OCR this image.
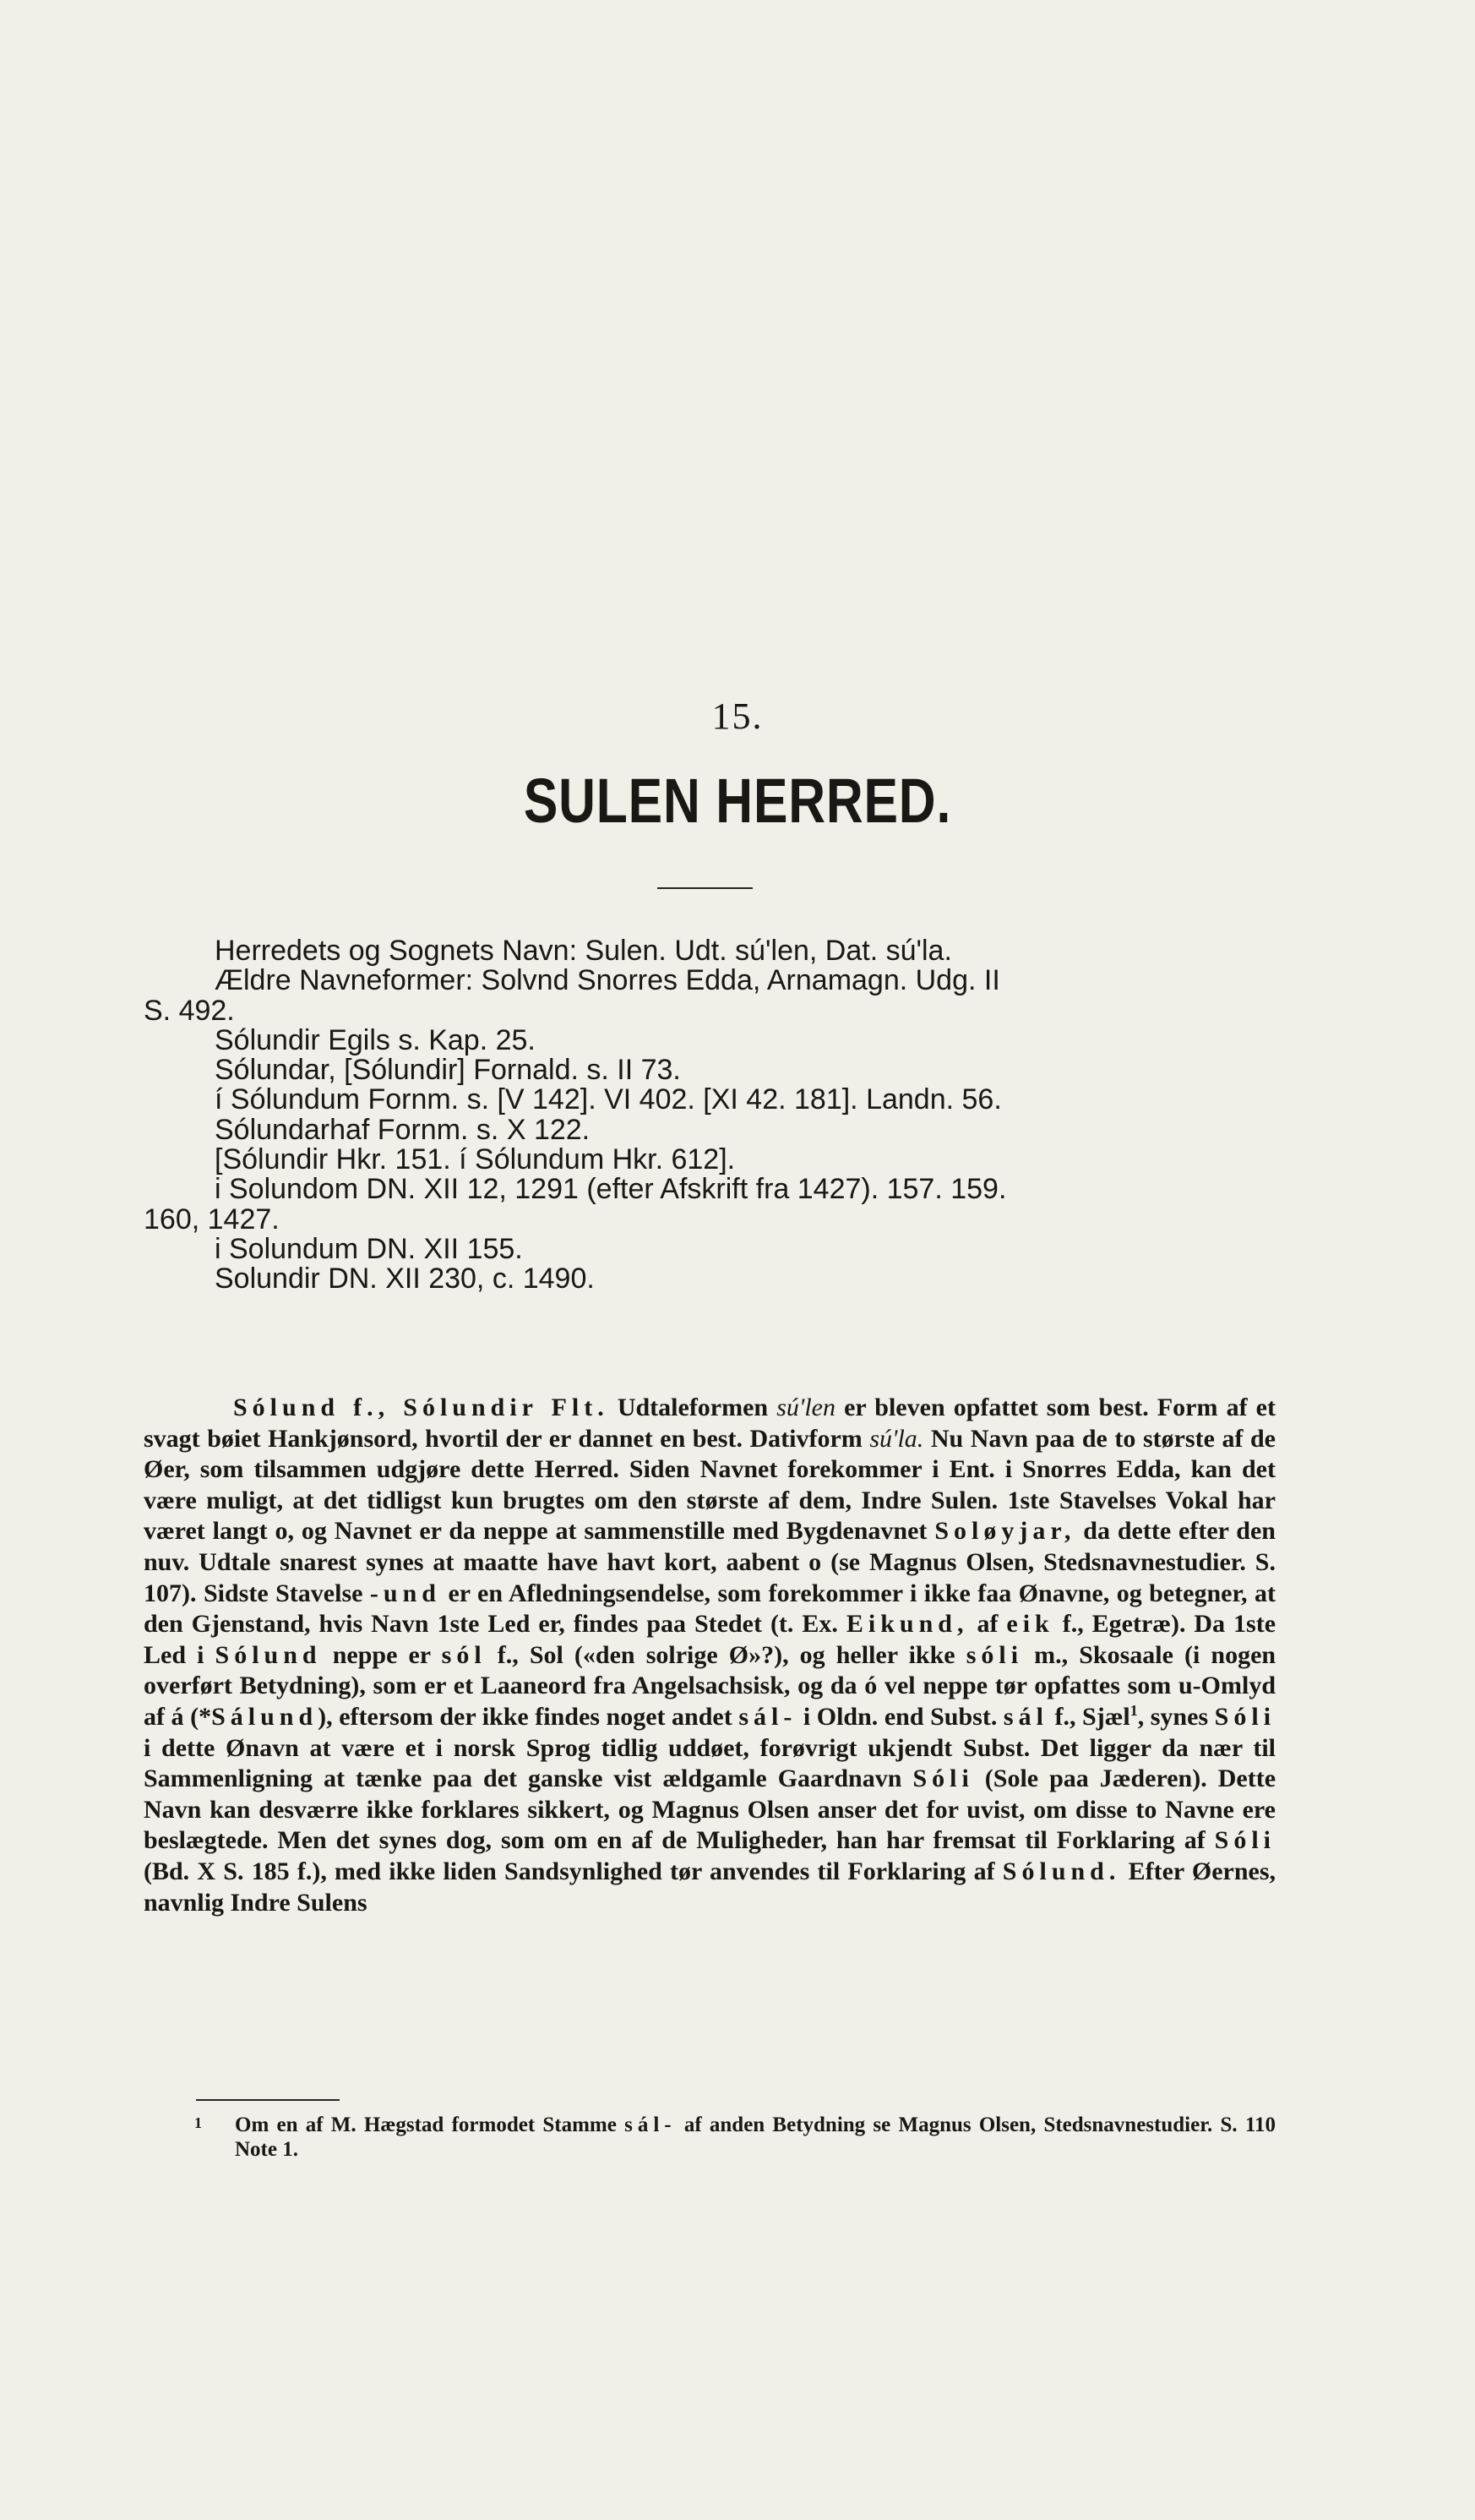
15.
SULEN HERRED.

Herredets og Sognets Navn: Sulen. Udt. sú'len, Dat. sú'la.

Ældre Navneformer: Solvnd Snorres Edda, Arnamagn. Udg. II

S. 492.

Sólundir Egils s. Kap. 25.

Sólundar, [Sólundir] Fornald. s. II 73.

í Sólundum Fornm. s. [V 142]. VI 402. [XI 42. 181]. Landn. 56.

Sólundarhaf Fornm. s. X 122.

[Sólundir Hkr. 151. í Sólundum Hkr. 612].

i Solundom DN. XII 12, 1291 (efter Afskrift fra 1427). 157. 159.

160, 1427.

i Solundum DN. XII 155.

Solundir DN. XII 230, c. 1490.

Sólund f., Sólundir Flt. Udtaleformen sú'len er bleven opfattet som best. Form af et svagt bøiet Hankjønsord, hvortil der er dannet en best. Dativform sú'la. Nu Navn paa de to største af de Øer, som tilsammen udgjøre dette Herred. Siden Navnet forekommer i Ent. i Snorres Edda, kan det være muligt, at det tidligst kun brugtes om den største af dem, Indre Sulen. 1ste Stavelses Vokal har været langt o, og Navnet er da neppe at sammenstille med Bygdenavnet Soløyjar, da dette efter den nuv. Udtale snarest synes at maatte have havt kort, aabent o (se Magnus Olsen, Stedsnavnestudier. S. 107). Sidste Stavelse -und er en Afledningsendelse, som forekommer i ikke faa Ønavne, og betegner, at den Gjenstand, hvis Navn 1ste Led er, findes paa Stedet (t. Ex. Eikund, af eik f., Egetræ). Da 1ste Led i Sólund neppe er sól f., Sol («den solrige Ø»?), og heller ikke sóli m., Skosaale (i nogen overført Betydning), som er et Laaneord fra Angelsachsisk, og da ó vel neppe tør opfattes som u-Omlyd af á (*Sálund), eftersom der ikke findes noget andet sál- i Oldn. end Subst. sál f., Sjæl$^1$, synes Sóli i dette Ønavn at være et i norsk Sprog tidlig uddøet, forøvrigt ukjendt Subst. Det ligger da nær til Sammenligning at tænke paa det ganske vist ældgamle Gaardnavn Sóli (Sole paa Jæderen). Dette Navn kan desværre ikke forklares sikkert, og Magnus Olsen anser det for uvist, om disse to Navne ere beslægtede. Men det synes dog, som om en af de Muligheder, han har fremsat til Forklaring af Sóli (Bd. X S. 185 f.), med ikke liden Sandsynlighed tør anvendes til Forklaring af Sólund. Efter Øernes, navnlig Indre Sulens

1	Om en af M. Hægstad formodet Stamme sál- af anden Betydning se Magnus Olsen, Stedsnavnestudier. S. 110 Note 1.
